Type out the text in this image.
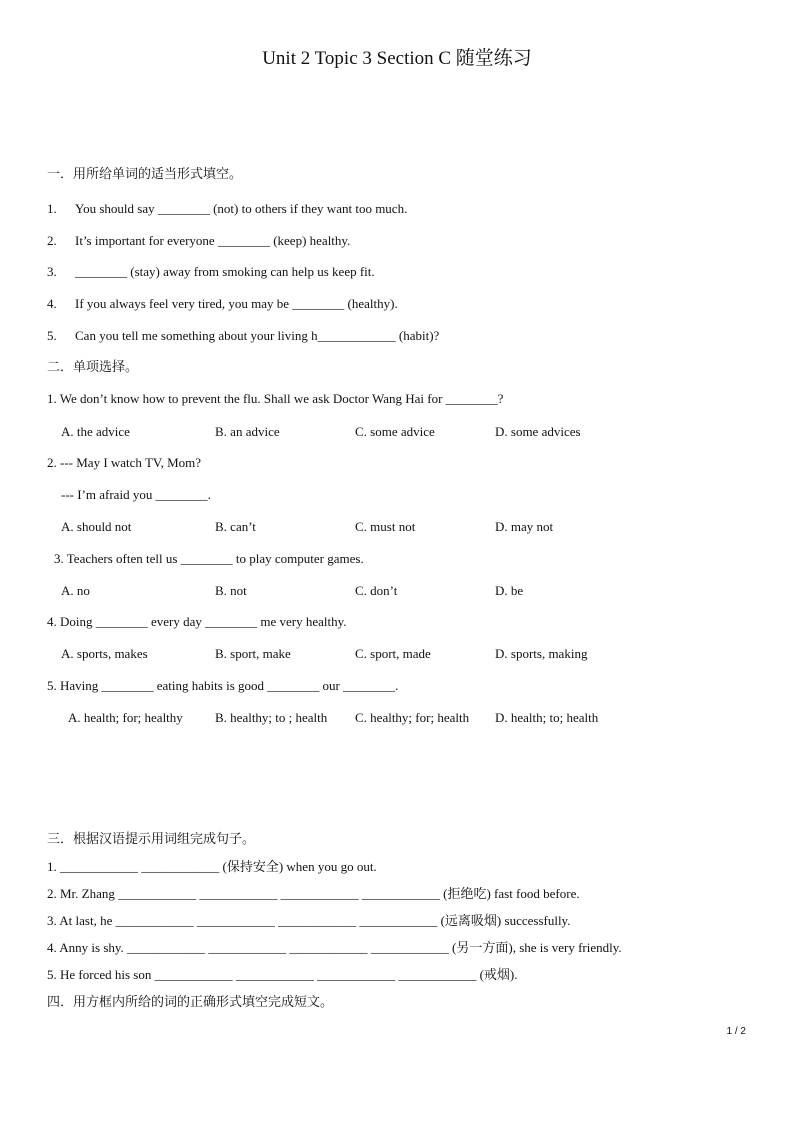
Unit 2 Topic 3 Section C 随堂练习
一．用所给单词的适当形式填空。
1. You should say ________ (not) to others if they want too much.
2. It’s important for everyone ________ (keep) healthy.
3. ________ (stay) away from smoking can help us keep fit.
4. If you always feel very tired, you may be ________ (healthy).
5. Can you tell me something about your living h____________ (habit)?
二．单项选择。
1. We don’t know how to prevent the flu. Shall we ask Doctor Wang Hai for ________?
A. the advice	B. an advice	C. some advice	D. some advices
2. --- May I watch TV, Mom?
--- I’m afraid you ________.
A. should not	B. can’t	C. must not	D. may not
3. Teachers often tell us ________ to play computer games.
A. no	B. not	C. don’t	D. be
4. Doing ________ every day ________ me very healthy.
A. sports, makes	B. sport, make	C. sport, made	D. sports, making
5. Having ________ eating habits is good ________ our ________.
A. health; for; healthy B. healthy; to ; health C. healthy; for; health D. health; to; health
三．根据汉语提示用词组完成句子。
1. ____________ ____________ (保持安全) when you go out.
2. Mr. Zhang ____________ ____________ ____________ ____________ (拒绝吃) fast food before.
3. At last, he ____________ ____________ ____________ ____________ (远离吸烟) successfully.
4. Anny is shy. ____________ ____________ ____________ ____________ (另一方面), she is very friendly.
5. He forced his son ____________ ____________ ____________ ____________ (戒烟).
四．用方框内所给的词的正确形式填空完成短文。
1 / 2
